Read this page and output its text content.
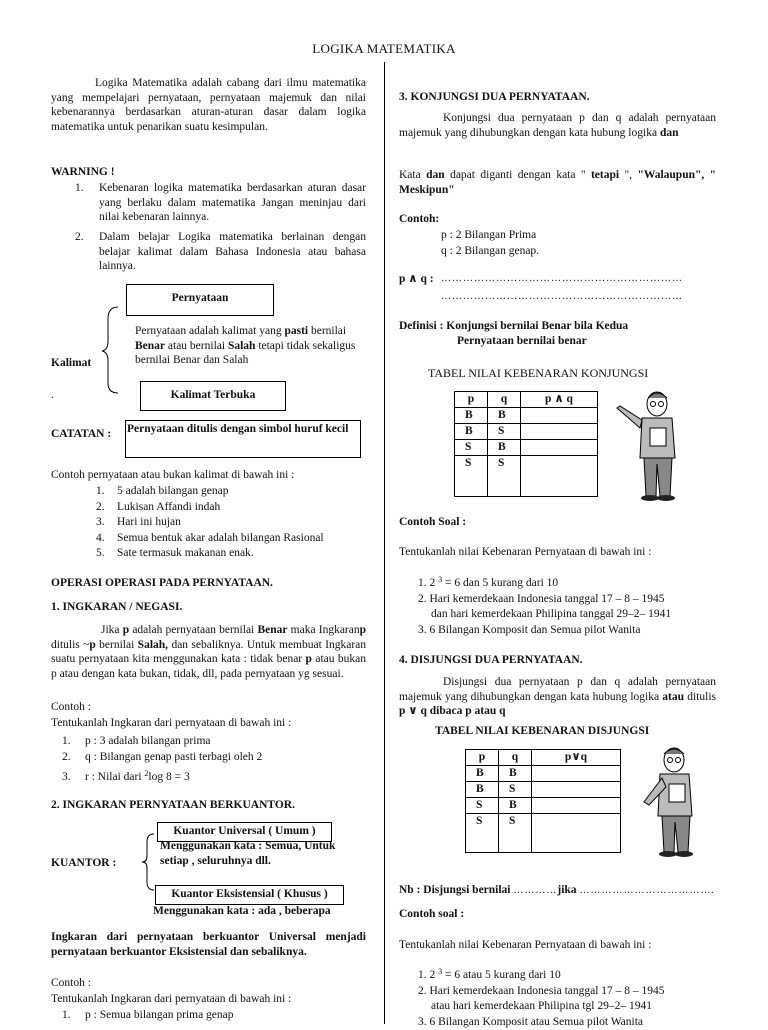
LOGIKA MATEMATIKA
Logika Matematika adalah cabang dari ilmu matematika yang mempelajari pernyataan, pernyataan majemuk dan nilai kebenarannya berdasarkan aturan-aturan dasar dalam logika matematika untuk penarikan suatu kesimpulan.
WARNING !
1. Kebenaran logika matematika berdasarkan aturan dasar yang berlaku dalam matematika Jangan meninjau dari nilai kebenaran lainnya.
2. Dalam belajar Logika matematika berlainan dengan belajar kalimat dalam Bahasa Indonesia atau bahasa lainnya.
Pernyataan
Kalimat
Pernyataan adalah kalimat yang pasti bernilai Benar atau bernilai Salah tetapi tidak sekaligus bernilai Benar dan Salah
Kalimat Terbuka
.
CATATAN : Pernyataan ditulis dengan simbol huruf kecil
Contoh pernyataan atau bukan kalimat di bawah ini :
1. 5 adalah bilangan genap
2. Lukisan Affandi indah
3. Hari ini hujan
4. Semua bentuk akar adalah bilangan Rasional
5. Sate termasuk makanan enak.
OPERASI OPERASI PADA PERNYATAAN.
1. INGKARAN / NEGASI.
Jika p adalah pernyataan bernilai Benar maka Ingkaranp ditulis ~p bernilai Salah, dan sebaliknya. Untuk membuat Ingkaran suatu pernyataan kita menggunakan kata : tidak benar p atau bukan p atau dengan kata bukan, tidak, dll, pada pernyataan yg sesuai.
Contoh :
Tentukanlah Ingkaran dari pernyataan di bawah ini :
1. p : 3 adalah bilangan prima
2. q : Bilangan genap pasti terbagi oleh 2
3. r : Nilai dari $^2$log 8 = 3
2. INGKARAN PERNYATAAN BERKUANTOR.
Kuantor Universal ( Umum )
Menggunakan kata : Semua, Untuk setiap , seluruhnya dll.
KUANTOR :
Kuantor Eksistensial ( Khusus )
Menggunakan kata : ada , beberapa
Ingkaran dari pernyataan berkuantor Universal menjadi pernyataan berkuantor Eksistensial dan sebaliknya.
Contoh :
Tentukanlah Ingkaran dari pernyataan di bawah ini :
1. p : Semua bilangan prima genap
3. KONJUNGSI DUA PERNYATAAN.
Konjungsi dua pernyataan p dan q adalah pernyataan majemuk yang dihubungkan dengan kata hubung logika dan
Kata dan dapat diganti dengan kata " tetapi ", "Walaupun", " Meskipun"
Contoh:
p : 2 Bilangan Prima
q : 2 Bilangan genap.
p ∧ q : …………………………………………………………
…………………………………………………………
Definisi : Konjungsi bernilai Benar bila Kedua
Pernyataan bernilai benar
TABEL NILAI KEBENARAN KONJUNGSI
p	q	p ∧ q
B	B	
B	S	
S	B	
S	S	
Contoh Soal :
Tentukanlah nilai Kebenaran Pernyataan di bawah ini :
1. 2 $^3$ = 6 dan 5 kurang dari 10
2. Hari kemerdekaan Indonesia tanggal 17 – 8 – 1945
dan hari kemerdekaan Philipina tanggal 29–2– 1941
3. 6 Bilangan Komposit dan Semua pilot Wanita
4. DISJUNGSI DUA PERNYATAAN.
Disjungsi dua pernyataan p dan q adalah pernyataan majemuk yang dihubungkan dengan kata hubung logika atau ditulis p ∨ q dibaca p atau q
TABEL NILAI KEBENARAN DISJUNGSI
p	q	p∨q
B	B	
B	S	
S	B	
S	S	
Nb : Disjungsi bernilai …………jika ……………………………….
Contoh soal :
Tentukanlah nilai Kebenaran Pernyataan di bawah ini :
1. 2 $^3$ = 6 atau 5 kurang dari 10
2. Hari kemerdekaan Indonesia tanggal 17 – 8 – 1945
atau hari kemerdekaan Philipina tgl 29–2– 1941
3. 6 Bilangan Komposit atau Semua pilot Wanita
